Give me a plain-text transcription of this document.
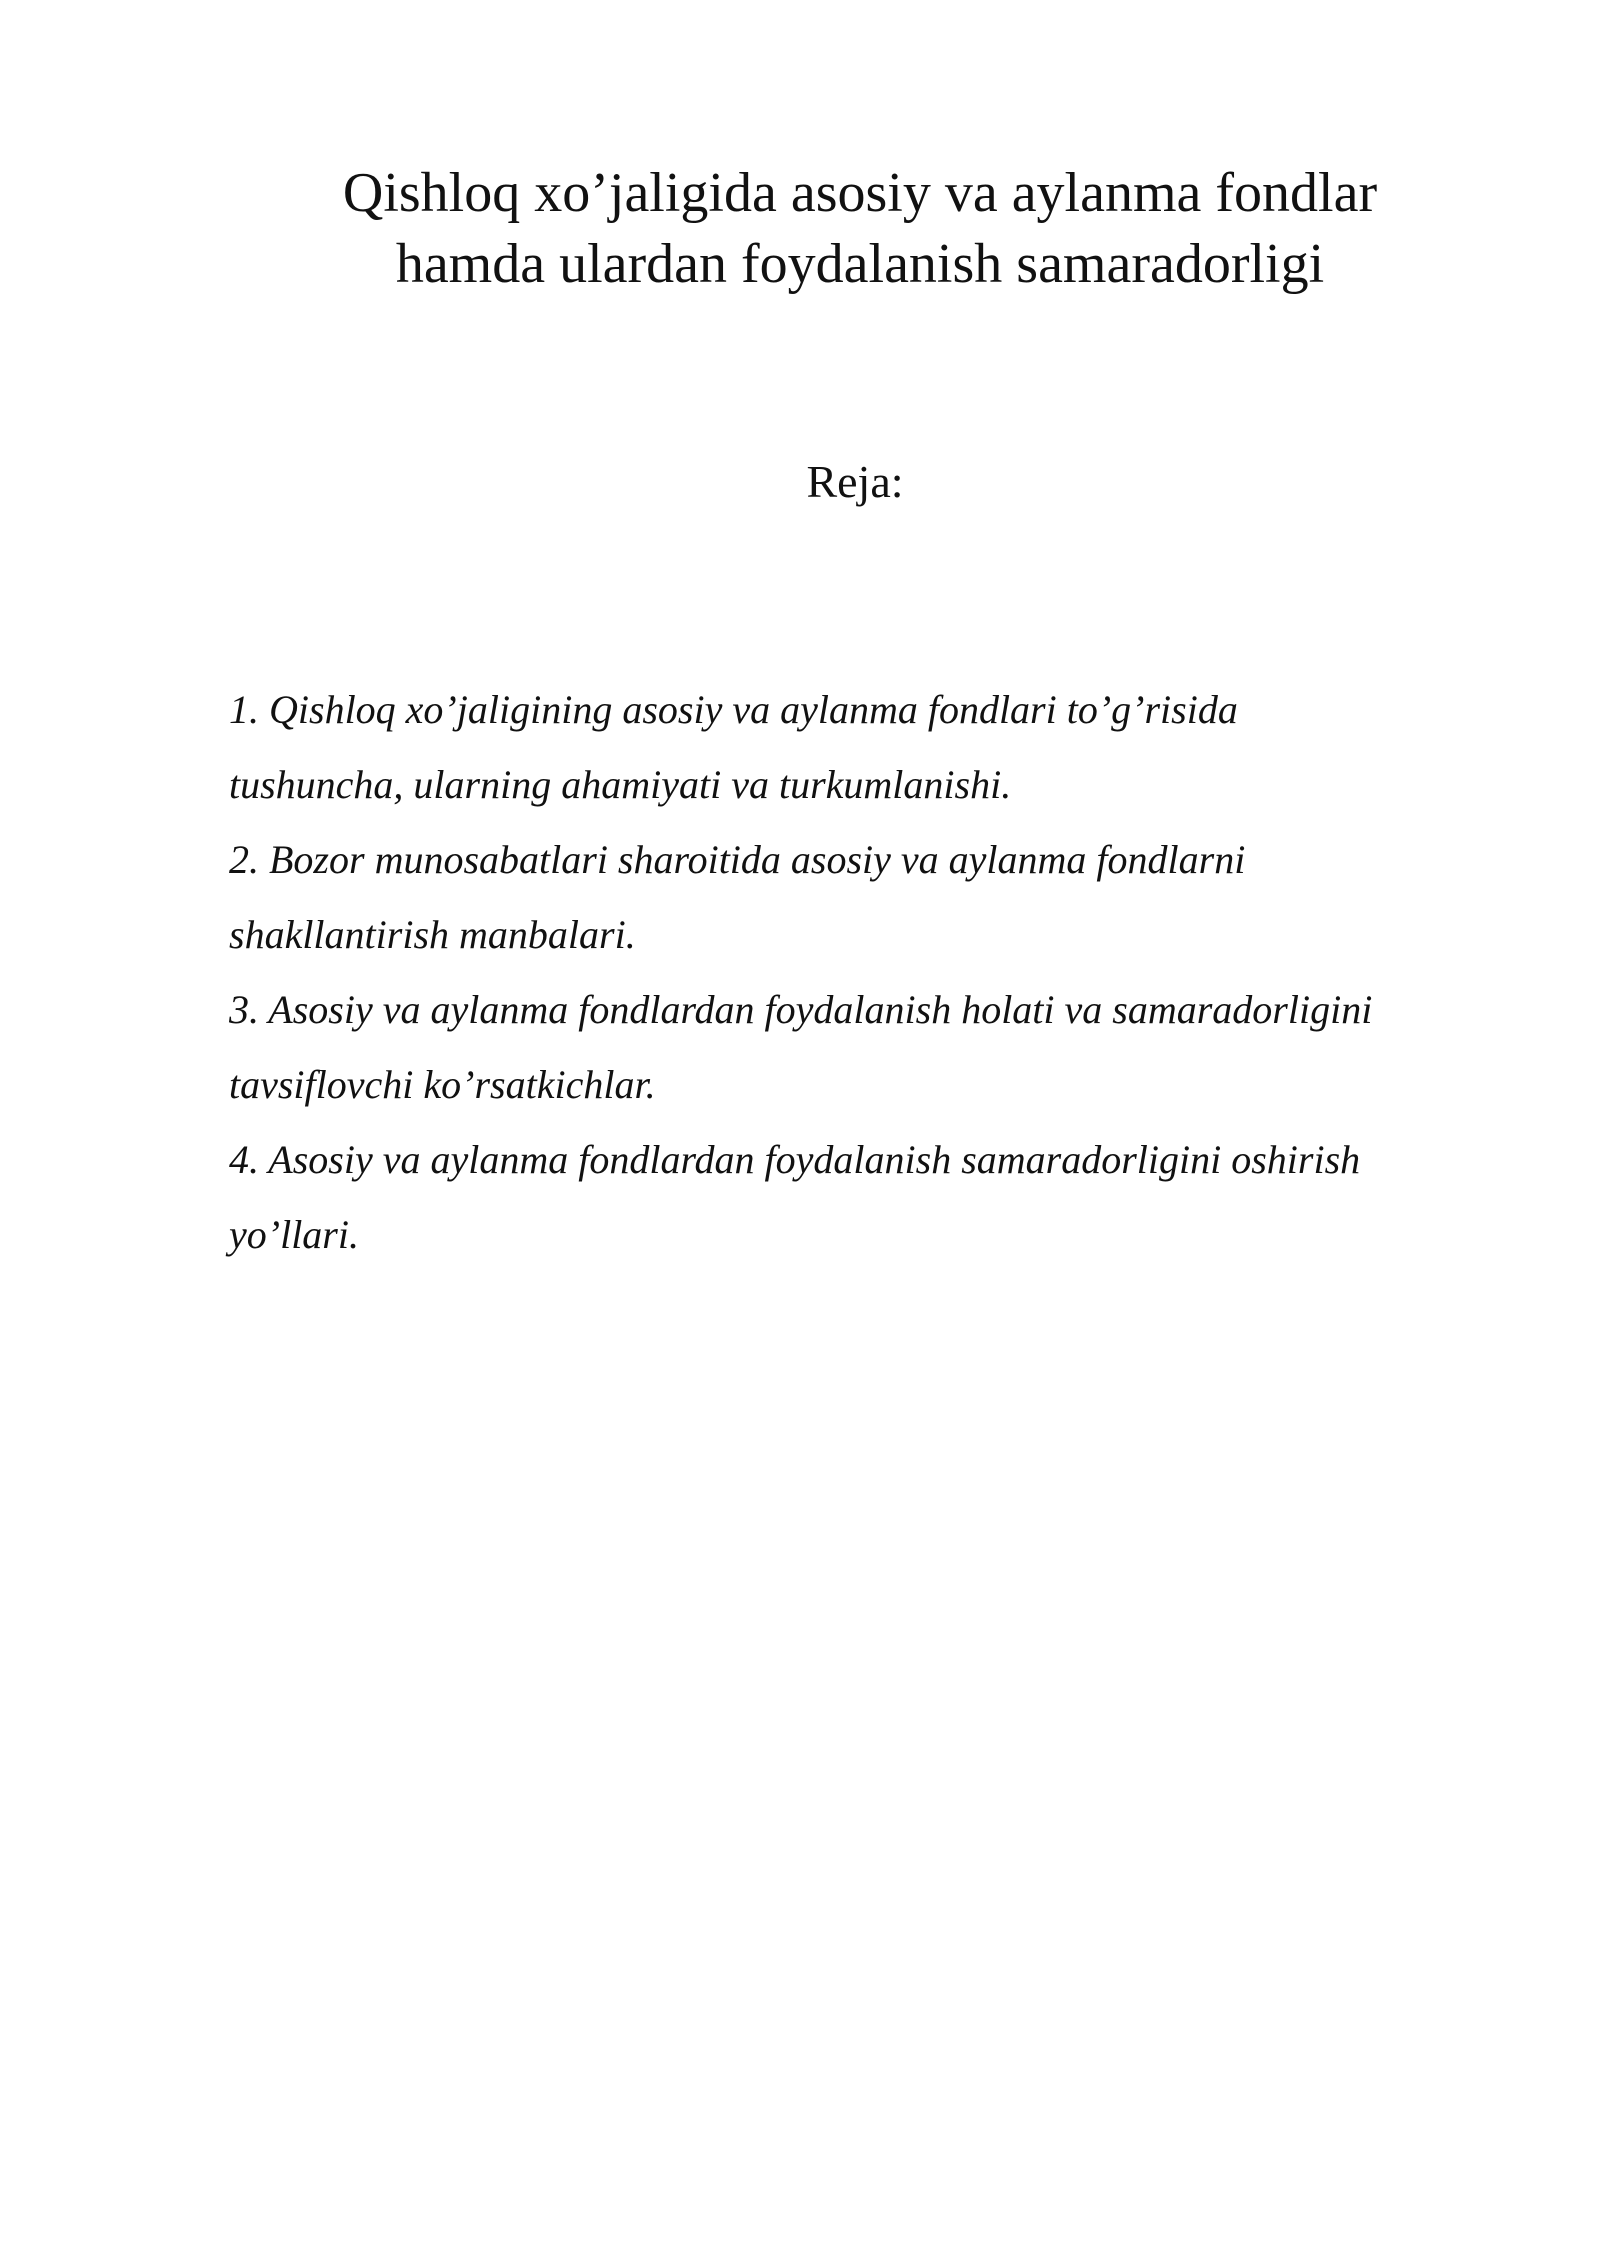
Qishloq xo’jaligida asosiy va aylanma fondlar
hamda ulardan foydalanish samaradorligi
Reja:
1. Qishloq xo’jaligining asosiy va aylanma fondlari to’g’risida
tushuncha, ularning ahamiyati va turkumlanishi.
2. Bozor munosabatlari sharoitida asosiy va aylanma fondlarni
shakllantirish manbalari.
3. Asosiy va aylanma fondlardan foydalanish holati va samaradorligini
tavsiflovchi ko’rsatkichlar.
4. Asosiy va aylanma fondlardan foydalanish samaradorligini oshirish
yo’llari.
